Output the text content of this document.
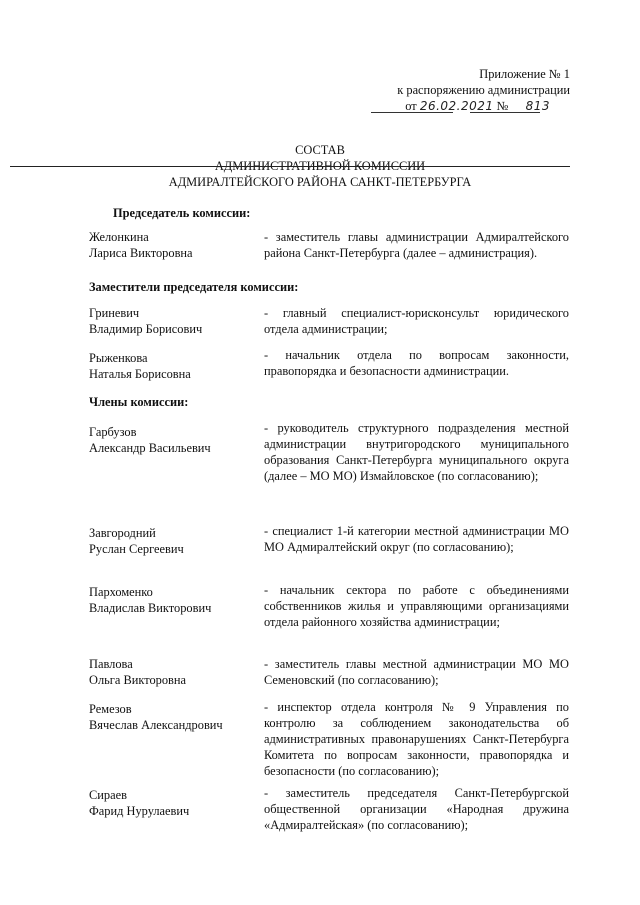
Приложение № 1
к распоряжению администрации
от 26.02.2021 № 813
СОСТАВ
АДМИНИСТРАТИВНОЙ КОМИССИИ
АДМИРАЛТЕЙСКОГО РАЙОНА САНКТ-ПЕТЕРБУРГА
Председатель комиссии:
Желонкина
Лариса Викторовна
- заместитель главы администрации Адмиралтейского района Санкт-Петербурга (далее – администрация).
Заместители председателя комиссии:
Гриневич
Владимир Борисович
- главный специалист-юрисконсульт юридического отдела администрации;
Рыженкова
Наталья Борисовна
- начальник отдела по вопросам законности, правопорядка и безопасности администрации.
Члены комиссии:
Гарбузов
Александр Васильевич
- руководитель структурного подразделения местной администрации внутригородского муниципального образования Санкт-Петербурга муниципального округа (далее – МО МО) Измайловское (по согласованию);
Завгородний
Руслан Сергеевич
- специалист 1-й категории местной администрации МО МО Адмиралтейский округ (по согласованию);
Пархоменко
Владислав Викторович
- начальник сектора по работе с объединениями собственников жилья и управляющими организациями отдела районного хозяйства администрации;
Павлова
Ольга Викторовна
- заместитель главы местной администрации МО МО Семеновский (по согласованию);
Ремезов
Вячеслав Александрович
- инспектор отдела контроля № 9 Управления по контролю за соблюдением законодательства об административных правонарушениях Санкт-Петербурга Комитета по вопросам законности, правопорядка и безопасности (по согласованию);
Сираев
Фарид Нурулаевич
- заместитель председателя Санкт-Петербургской общественной организации «Народная дружина «Адмиралтейская» (по согласованию);
